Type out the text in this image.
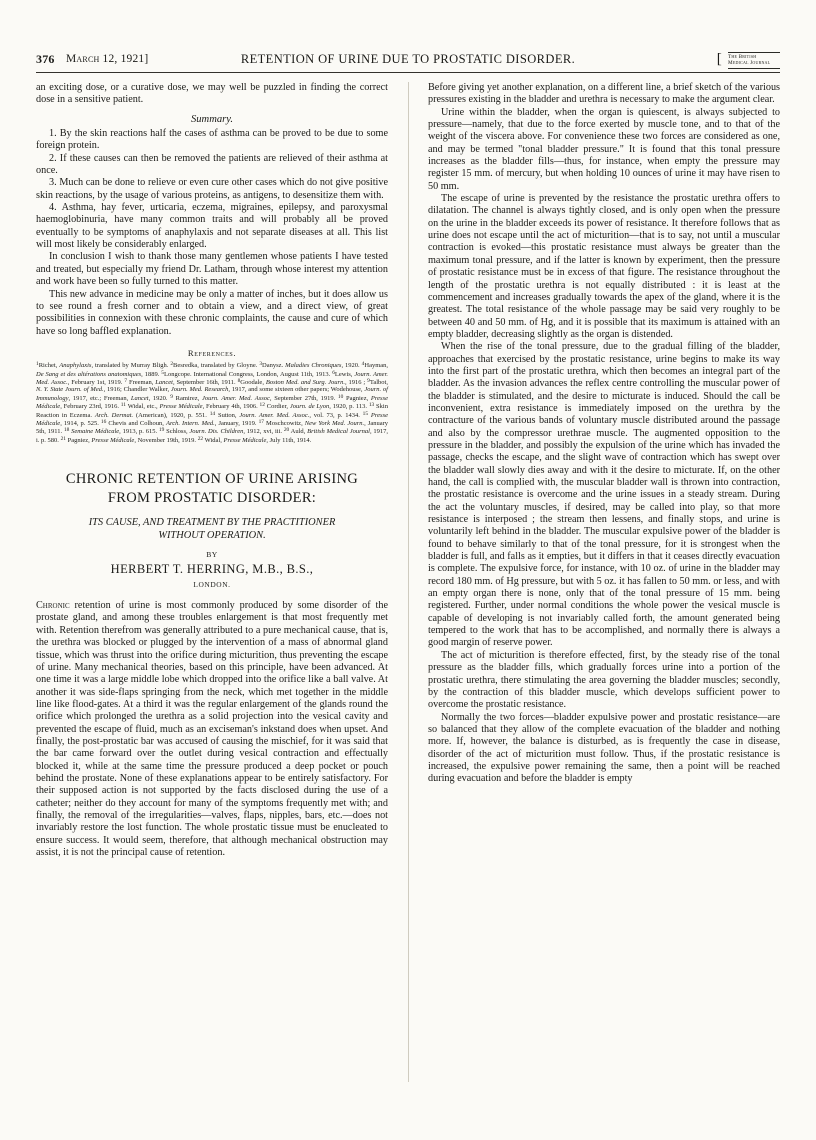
376 March 12, 1921]	RETENTION OF URINE DUE TO PROSTATIC DISORDER.	[ The British
Medical Journal

an exciting dose, or a curative dose, we may well be puzzled in finding the correct dose in a sensitive patient.

Summary.

1. By the skin reactions half the cases of asthma can be proved to be due to some foreign protein.

2. If these causes can then be removed the patients are relieved of their asthma at once.

3. Much can be done to relieve or even cure other cases which do not give positive skin reactions, by the usage of various proteins, as antigens, to desensitize them with.

4. Asthma, hay fever, urticaria, eczema, migraines, epilepsy, and paroxysmal haemoglobinuria, have many common traits and will probably all be proved eventually to be symptoms of anaphylaxis and not separate diseases at all. This list will most likely be considerably enlarged.

In conclusion I wish to thank those many gentlemen whose patients I have tested and treated, but especially my friend Dr. Latham, through whose interest my attention and work have been so fully turned to this matter.

This new advance in medicine may be only a matter of inches, but it does allow us to see round a fresh corner and to obtain a view, and a direct view, of great possibilities in connexion with these chronic complaints, the cause and cure of which have so long baffled explanation.

References.

$^1$Richet, Anaphylaxis, translated by Murray Bligh. $^2$Besredka, translated by Gloyne. $^3$Danysz. Maladies Chroniques, 1920. $^4$Hayman, De Sang et des altérations anatomiques, 1889. $^5$Longcope. International Congress, London, August 11th, 1913. $^6$Lewis, Journ. Amer. Med. Assoc., February 1st, 1919. $^7$ Freeman, Lancet, September 16th, 1911. $^8$Goodale, Boston Med. and Surg. Journ., 1916 ; $^9$Talbot, N. Y. State Journ. of Med., 1916; Chandler Walker, Journ. Med. Research, 1917, and some sixteen other papers; Wodehouse, Journ. of Immunology, 1917, etc.; Freeman, Lancet, 1920. $^9$ Ramirez, Journ. Amer. Med. Assoc, September 27th, 1919. $^{10}$ Pagniez, Presse Médicale, February 23rd, 1916. $^{11}$ Widal, etc., Presse Médicale, February 4th, 1906. $^{12}$ Cordier, Journ. de Lyon, 1920, p. 113. $^{13}$ Skin Reaction in Eczema. Arch. Dermat. (American), 1920, p. 551. $^{14}$ Sutton, Journ. Amer. Med. Assoc., vol. 73, p. 1434. $^{15}$ Presse Médicale, 1914, p. 525. $^{16}$ Chevis and Colhoun, Arch. Intern. Med., January, 1919. $^{17}$ Moschcowitz, New York Med. Journ., January 5th, 1911. $^{18}$ Semaine Médicale, 1913, p. 615. $^{19}$ Schloss, Journ. Dis. Children, 1912, xvi, iii. $^{20}$ Auld, British Medical Journal, 1917, i. p. 580. $^{21}$ Pagniez, Presse Médicale, November 19th, 1919. $^{22}$ Widal, Presse Médicale, July 11th, 1914.

CHRONIC RETENTION OF URINE ARISING

FROM PROSTATIC DISORDER:

ITS CAUSE, AND TREATMENT BY THE PRACTITIONER

WITHOUT OPERATION.

BY

HERBERT T. HERRING, M.B., B.S.,

LONDON.

Chronic retention of urine is most commonly produced by some disorder of the prostate gland, and among these troubles enlargement is that most frequently met with. Retention therefrom was generally attributed to a pure mechanical cause, that is, the urethra was blocked or plugged by the intervention of a mass of abnormal gland tissue, which was thrust into the orifice during micturition, thus preventing the escape of urine. Many mechanical theories, based on this principle, have been advanced. At one time it was a large middle lobe which dropped into the orifice like a ball valve. At another it was side-flaps springing from the neck, which met together in the middle line like flood-gates. At a third it was the regular enlargement of the glands round the orifice which prolonged the urethra as a solid projection into the vesical cavity and prevented the escape of fluid, much as an exciseman's inkstand does when upset. And finally, the post-prostatic bar was accused of causing the mischief, for it was said that the bar came forward over the outlet during vesical contraction and effectually blocked it, while at the same time the pressure produced a deep pocket or pouch behind the prostate. None of these explanations appear to be entirely satisfactory. For their supposed action is not supported by the facts disclosed during the use of a catheter; neither do they account for many of the symptoms frequently met with; and finally, the removal of the irregularities—valves, flaps, nipples, bars, etc.—does not invariably restore the lost function. The whole prostatic tissue must be enucleated to ensure success. It would seem, therefore, that although mechanical obstruction may assist, it is not the principal cause of retention.

Before giving yet another explanation, on a different line, a brief sketch of the various pressures existing in the bladder and urethra is necessary to make the argument clear.

Urine within the bladder, when the organ is quiescent, is always subjected to pressure—namely, that due to the force exerted by muscle tone, and to that of the weight of the viscera above. For convenience these two forces are considered as one, and may be termed "tonal bladder pressure." It is found that this tonal pressure increases as the bladder fills—thus, for instance, when empty the pressure may register 15 mm. of mercury, but when holding 10 ounces of urine it may have risen to 50 mm.

The escape of urine is prevented by the resistance the prostatic urethra offers to dilatation. The channel is always tightly closed, and is only open when the pressure on the urine in the bladder exceeds its power of resistance. It therefore follows that as urine does not escape until the act of micturition—that is to say, not until a muscular contraction is evoked—this prostatic resistance must always be greater than the maximum tonal pressure, and if the latter is known by experiment, then the pressure of prostatic resistance must be in excess of that figure. The resistance throughout the length of the prostatic urethra is not equally distributed : it is least at the commencement and increases gradually towards the apex of the gland, where it is the greatest. The total resistance of the whole passage may be said very roughly to be between 40 and 50 mm. of Hg, and it is possible that its maximum is attained with an empty bladder, decreasing slightly as the organ is distended.

When the rise of the tonal pressure, due to the gradual filling of the bladder, approaches that exercised by the prostatic resistance, urine begins to make its way into the first part of the prostatic urethra, which then becomes an integral part of the bladder. As the invasion advances the reflex centre controlling the muscular power of the bladder is stimulated, and the desire to micturate is induced. Should the call be inconvenient, extra resistance is immediately imposed on the urethra by the contracture of the various bands of voluntary muscle distributed around the passage and also by the compressor urethrae muscle. The augmented opposition to the pressure in the bladder, and possibly the expulsion of the urine which has invaded the passage, checks the escape, and the slight wave of contraction which has swept over the bladder wall slowly dies away and with it the desire to micturate. If, on the other hand, the call is complied with, the muscular bladder wall is thrown into contraction, the prostatic resistance is overcome and the urine issues in a steady stream. During the act the voluntary muscles, if desired, may be called into play, so that more resistance is interposed ; the stream then lessens, and finally stops, and urine is voluntarily left behind in the bladder. The muscular expulsive power of the bladder is found to behave similarly to that of the tonal pressure, for it is strongest when the bladder is full, and falls as it empties, but it differs in that it ceases directly evacuation is complete. The expulsive force, for instance, with 10 oz. of urine in the bladder may record 180 mm. of Hg pressure, but with 5 oz. it has fallen to 50 mm. or less, and with an empty organ there is none, only that of the tonal pressure of 15 mm. being registered. Further, under normal conditions the whole power the vesical muscle is capable of developing is not invariably called forth, the amount generated being tempered to the work that has to be accomplished, and normally there is always a good margin of reserve power.

The act of micturition is therefore effected, first, by the steady rise of the tonal pressure as the bladder fills, which gradually forces urine into a portion of the prostatic urethra, there stimulating the area governing the bladder muscles; secondly, by the contraction of this bladder muscle, which develops sufficient power to overcome the prostatic resistance.

Normally the two forces—bladder expulsive power and prostatic resistance—are so balanced that they allow of the complete evacuation of the bladder and nothing more. If, however, the balance is disturbed, as is frequently the case in disease, disorder of the act of micturition must follow. Thus, if the prostatic resistance is increased, the expulsive power remaining the same, then a point will be reached during evacuation and before the bladder is empty
